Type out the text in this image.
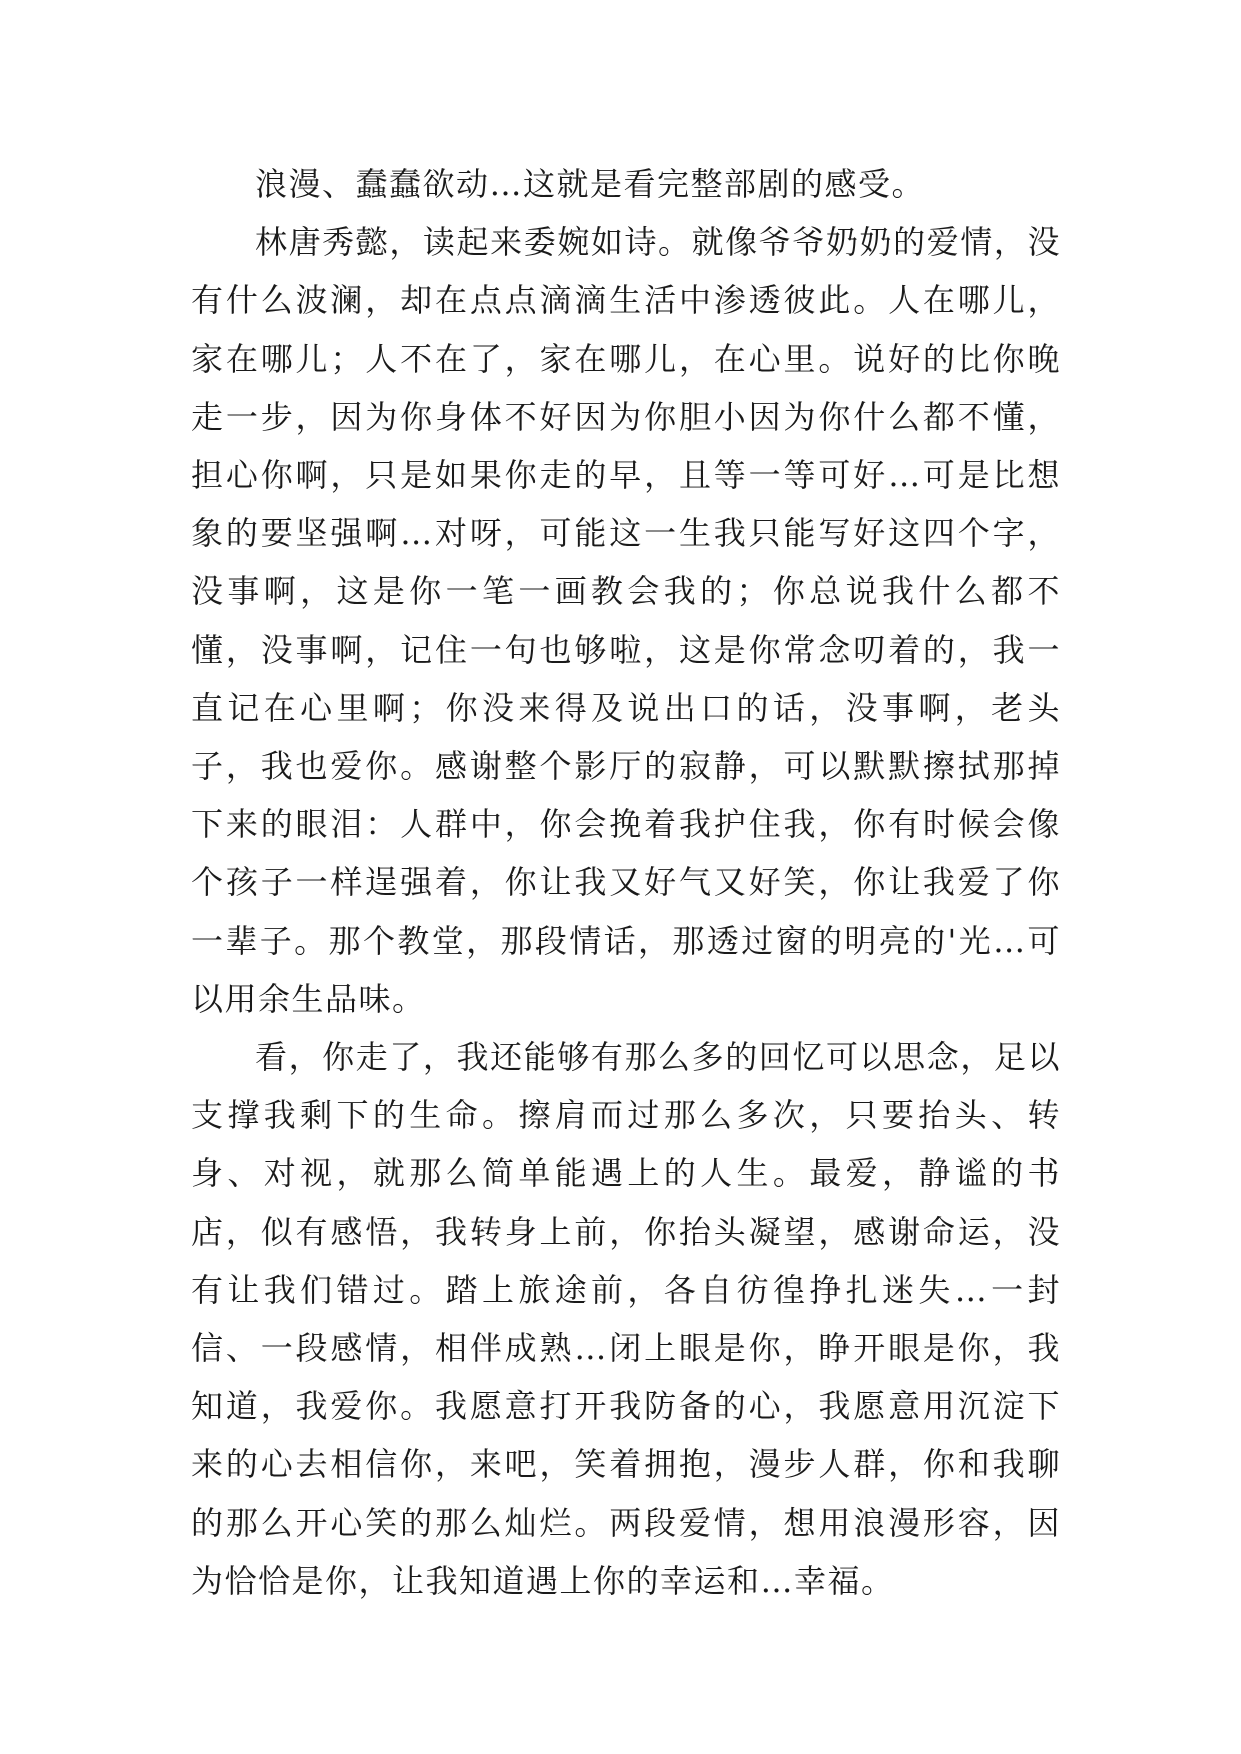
浪漫、蠢蠢欲动…这就是看完整部剧的感受。

林唐秀懿，读起来委婉如诗。就像爷爷奶奶的爱情，没有什么波澜，却在点点滴滴生活中渗透彼此。人在哪儿，家在哪儿；人不在了，家在哪儿，在心里。说好的比你晚走一步，因为你身体不好因为你胆小因为你什么都不懂，担心你啊，只是如果你走的早，且等一等可好…可是比想象的要坚强啊…对呀，可能这一生我只能写好这四个字，没事啊，这是你一笔一画教会我的；你总说我什么都不懂，没事啊，记住一句也够啦，这是你常念叨着的，我一直记在心里啊；你没来得及说出口的话，没事啊，老头子，我也爱你。感谢整个影厅的寂静，可以默默擦拭那掉下来的眼泪：人群中，你会挽着我护住我，你有时候会像个孩子一样逞强着，你让我又好气又好笑，你让我爱了你一辈子。那个教堂，那段情话，那透过窗的明亮的'光…可以用余生品味。

看，你走了，我还能够有那么多的回忆可以思念，足以支撑我剩下的生命。擦肩而过那么多次，只要抬头、转身、对视，就那么简单能遇上的人生。最爱，静谧的书店，似有感悟，我转身上前，你抬头凝望，感谢命运，没有让我们错过。踏上旅途前，各自彷徨挣扎迷失…一封信、一段感情，相伴成熟…闭上眼是你，睁开眼是你，我知道，我爱你。我愿意打开我防备的心，我愿意用沉淀下来的心去相信你，来吧，笑着拥抱，漫步人群，你和我聊的那么开心笑的那么灿烂。两段爱情，想用浪漫形容，因为恰恰是你，让我知道遇上你的幸运和…幸福。
